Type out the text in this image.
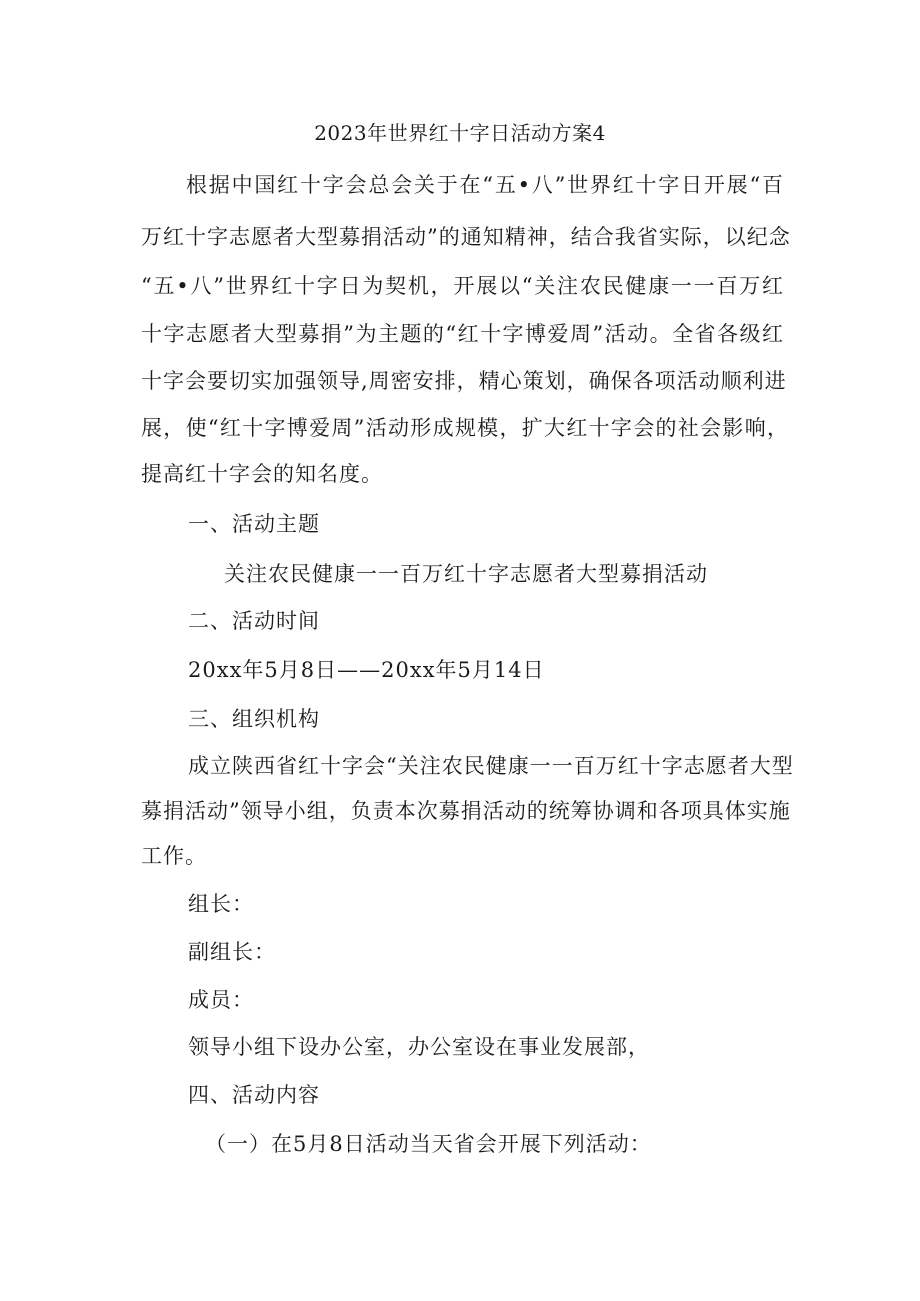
2023年世界红十字日活动方案4
根据中国红十字会总会关于在“五•八”世界红十字日开展“百
万红十字志愿者大型募捐活动”的通知精神，结合我省实际，以纪念
“五•八”世界红十字日为契机，开展以“关注农民健康一一百万红
十字志愿者大型募捐”为主题的“红十字博爱周”活动。全省各级红
十字会要切实加强领导,周密安排，精心策划，确保各项活动顺利进
展，使“红十字博爱周”活动形成规模，扩大红十字会的社会影响，
提高红十字会的知名度。
一、活动主题
关注农民健康一一百万红十字志愿者大型募捐活动
二、活动时间
20xx年5月8日——20xx年5月14日
三、组织机构
成立陕西省红十字会“关注农民健康一一百万红十字志愿者大型
募捐活动”领导小组，负责本次募捐活动的统筹协调和各项具体实施
工作。
组长：
副组长：
成员：
领导小组下设办公室，办公室设在事业发展部，
四、活动内容
（一）在5月8日活动当天省会开展下列活动：
